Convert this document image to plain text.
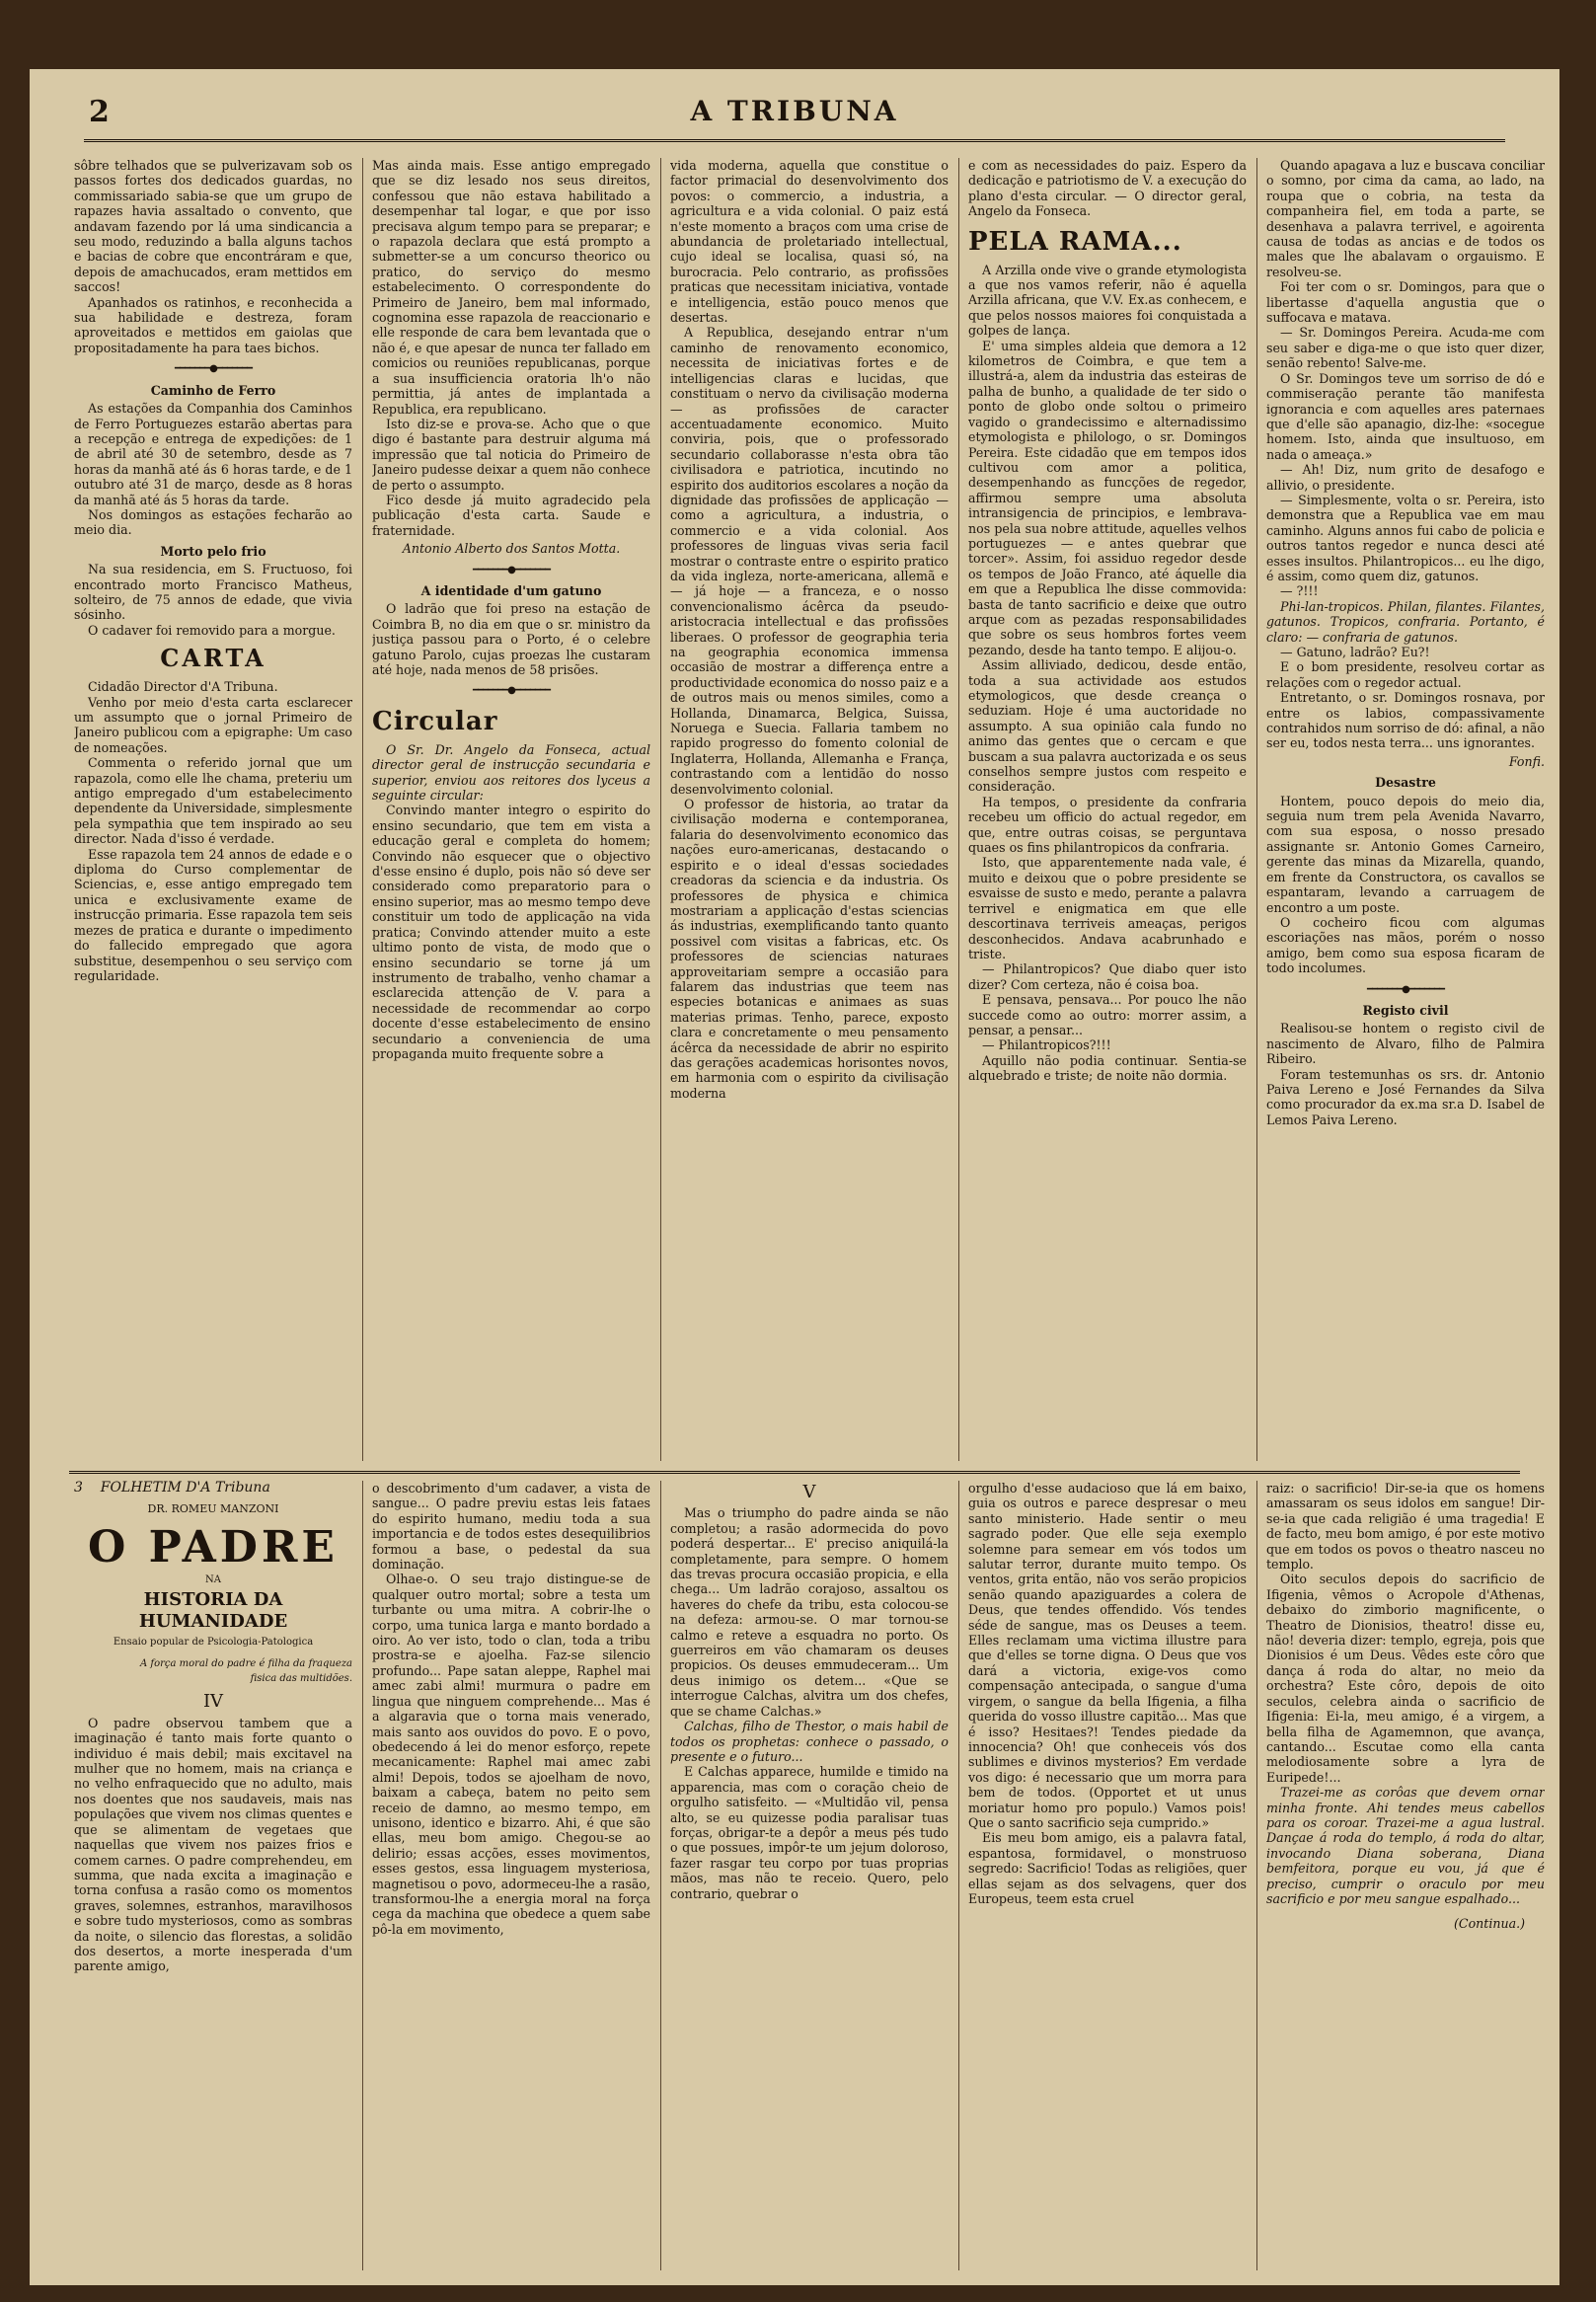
2	A TRIBUNA

sôbre telhados que se pulverizavam sob os passos fortes dos dedicados guardas, no commissariado sabia-se que um grupo de rapazes havia assaltado o convento, que andavam fazendo por lá uma sindicancia a seu modo, reduzindo a balla alguns tachos e bacias de cobre que encontráram e que, depois de amachucados, eram mettidos em saccos!

Apanhados os ratinhos, e reconhecida a sua habilidade e destreza, foram aproveitados e mettidos em gaiolas que propositadamente ha para taes bichos.

━━━━━━━●━━━━━━━
Caminho de Ferro

As estações da Companhia dos Caminhos de Ferro Portuguezes estarão abertas para a recepção e entrega de expedições: de 1 de abril até 30 de setembro, desde as 7 horas da manhã até ás 6 horas tarde, e de 1 outubro até 31 de março, desde as 8 horas da manhã até ás 5 horas da tarde.

Nos domingos as estações fecharão ao meio dia.

Morto pelo frio

Na sua residencia, em S. Fructuoso, foi encontrado morto Francisco Matheus, solteiro, de 75 annos de edade, que vivia sósinho.

O cadaver foi removido para a morgue.

CARTA

Cidadão Director d'A Tribuna.

Venho por meio d'esta carta esclarecer um assumpto que o jornal Primeiro de Janeiro publicou com a epigraphe: Um caso de nomeações.

Commenta o referido jornal que um rapazola, como elle lhe chama, preteriu um antigo empregado d'um estabelecimento dependente da Universidade, simplesmente pela sympathia que tem inspirado ao seu director. Nada d'isso é verdade.

Esse rapazola tem 24 annos de edade e o diploma do Curso complementar de Sciencias, e, esse antigo empregado tem unica e exclusivamente exame de instrucção primaria. Esse rapazola tem seis mezes de pratica e durante o impedimento do fallecido empregado que agora substitue, desempenhou o seu serviço com regularidade.

Mas ainda mais. Esse antigo empregado que se diz lesado nos seus direitos, confessou que não estava habilitado a desempenhar tal logar, e que por isso precisava algum tempo para se preparar; e o rapazola declara que está prompto a submetter-se a um concurso theorico ou pratico, do serviço do mesmo estabelecimento. O correspondente do Primeiro de Janeiro, bem mal informado, cognomina esse rapazola de reaccionario e elle responde de cara bem levantada que o não é, e que apesar de nunca ter fallado em comicios ou reuniões republicanas, porque a sua insufficiencia oratoria lh'o não permittia, já antes de implantada a Republica, era republicano.

Isto diz-se e prova-se. Acho que o que digo é bastante para destruir alguma má impressão que tal noticia do Primeiro de Janeiro pudesse deixar a quem não conhece de perto o assumpto.

Fico desde já muito agradecido pela publicação d'esta carta. Saude e fraternidade.

Antonio Alberto dos Santos Motta.
━━━━━━━●━━━━━━━
A identidade d'um gatuno

O ladrão que foi preso na estação de Coimbra B, no dia em que o sr. ministro da justiça passou para o Porto, é o celebre gatuno Parolo, cujas proezas lhe custaram até hoje, nada menos de 58 prisões.

━━━━━━━●━━━━━━━
Circular

O Sr. Dr. Angelo da Fonseca, actual director geral de instrucção secundaria e superior, enviou aos reitores dos lyceus a seguinte circular:

Convindo manter integro o espirito do ensino secundario, que tem em vista a educação geral e completa do homem; Convindo não esquecer que o objectivo d'esse ensino é duplo, pois não só deve ser considerado como preparatorio para o ensino superior, mas ao mesmo tempo deve constituir um todo de applicação na vida pratica; Convindo attender muito a este ultimo ponto de vista, de modo que o ensino secundario se torne já um instrumento de trabalho, venho chamar a esclarecida attenção de V. para a necessidade de recommendar ao corpo docente d'esse estabelecimento de ensino secundario a conveniencia de uma propaganda muito frequente sobre a

vida moderna, aquella que constitue o factor primacial do desenvolvimento dos povos: o commercio, a industria, a agricultura e a vida colonial. O paiz está n'este momento a braços com uma crise de abundancia de proletariado intellectual, cujo ideal se localisa, quasi só, na burocracia. Pelo contrario, as profissões praticas que necessitam iniciativa, vontade e intelligencia, estão pouco menos que desertas.

A Republica, desejando entrar n'um caminho de renovamento economico, necessita de iniciativas fortes e de intelligencias claras e lucidas, que constituam o nervo da civilisação moderna — as profissões de caracter accentuadamente economico. Muito conviria, pois, que o professorado secundario collaborasse n'esta obra tão civilisadora e patriotica, incutindo no espirito dos auditorios escolares a noção da dignidade das profissões de applicação — como a agricultura, a industria, o commercio e a vida colonial. Aos professores de linguas vivas seria facil mostrar o contraste entre o espirito pratico da vida ingleza, norte-americana, allemã e — já hoje — a franceza, e o nosso convencionalismo ácêrca da pseudo-aristocracia intellectual e das profissões liberaes. O professor de geographia teria na geographia economica immensa occasião de mostrar a differença entre a productividade economica do nosso paiz e a de outros mais ou menos similes, como a Hollanda, Dinamarca, Belgica, Suissa, Noruega e Suecia. Fallaria tambem no rapido progresso do fomento colonial de Inglaterra, Hollanda, Allemanha e França, contrastando com a lentidão do nosso desenvolvimento colonial.

O professor de historia, ao tratar da civilisação moderna e contemporanea, falaria do desenvolvimento economico das nações euro-americanas, destacando o espirito e o ideal d'essas sociedades creadoras da sciencia e da industria. Os professores de physica e chimica mostrariam a applicação d'estas sciencias ás industrias, exemplificando tanto quanto possivel com visitas a fabricas, etc. Os professores de sciencias naturaes approveitariam sempre a occasião para falarem das industrias que teem nas especies botanicas e animaes as suas materias primas. Tenho, parece, exposto clara e concretamente o meu pensamento ácêrca da necessidade de abrir no espirito das gerações academicas horisontes novos, em harmonia com o espirito da civilisação moderna

e com as necessidades do paiz. Espero da dedicação e patriotismo de V. a execução do plano d'esta circular. — O director geral, Angelo da Fonseca.

PELA RAMA...

A Arzilla onde vive o grande etymologista a que nos vamos referir, não é aquella Arzilla africana, que V.V. Ex.as conhecem, e que pelos nossos maiores foi conquistada a golpes de lança.

E' uma simples aldeia que demora a 12 kilometros de Coimbra, e que tem a illustrá-a, alem da industria das esteiras de palha de bunho, a qualidade de ter sido o ponto de globo onde soltou o primeiro vagido o grandecissimo e alternadissimo etymologista e philologo, o sr. Domingos Pereira. Este cidadão que em tempos idos cultivou com amor a politica, desempenhando as funcções de regedor, affirmou sempre uma absoluta intransigencia de principios, e lembrava-nos pela sua nobre attitude, aquelles velhos portuguezes — e antes quebrar que torcer». Assim, foi assiduo regedor desde os tempos de João Franco, até áquelle dia em que a Republica lhe disse commovida: basta de tanto sacrificio e deixe que outro arque com as pezadas responsabilidades que sobre os seus hombros fortes veem pezando, desde ha tanto tempo. E alijou-o.

Assim alliviado, dedicou, desde então, toda a sua actividade aos estudos etymologicos, que desde creança o seduziam. Hoje é uma auctoridade no assumpto. A sua opinião cala fundo no animo das gentes que o cercam e que buscam a sua palavra auctorizada e os seus conselhos sempre justos com respeito e consideração.

Ha tempos, o presidente da confraria recebeu um officio do actual regedor, em que, entre outras coisas, se perguntava quaes os fins philantropicos da confraria.

Isto, que apparentemente nada vale, é muito e deixou que o pobre presidente se esvaisse de susto e medo, perante a palavra terrivel e enigmatica em que elle descortinava terriveis ameaças, perigos desconhecidos. Andava acabrunhado e triste.

— Philantropicos? Que diabo quer isto dizer? Com certeza, não é coisa boa.

E pensava, pensava... Por pouco lhe não succede como ao outro: morrer assim, a pensar, a pensar...

— Philantropicos?!!!

Aquillo não podia continuar. Sentia-se alquebrado e triste; de noite não dormia.

Quando apagava a luz e buscava conciliar o somno, por cima da cama, ao lado, na roupa que o cobria, na testa da companheira fiel, em toda a parte, se desenhava a palavra terrivel, e agoirenta causa de todas as ancias e de todos os males que lhe abalavam o orgauismo. E resolveu-se.

Foi ter com o sr. Domingos, para que o libertasse d'aquella angustia que o suffocava e matava.

— Sr. Domingos Pereira. Acuda-me com seu saber e diga-me o que isto quer dizer, senão rebento! Salve-me.

O Sr. Domingos teve um sorriso de dó e commiseração perante tão manifesta ignorancia e com aquelles ares paternaes que d'elle são apanagio, diz-lhe: «socegue homem. Isto, ainda que insultuoso, em nada o ameaça.»

— Ah! Diz, num grito de desafogo e allivio, o presidente.

— Simplesmente, volta o sr. Pereira, isto demonstra que a Republica vae em mau caminho. Alguns annos fui cabo de policia e outros tantos regedor e nunca desci até esses insultos. Philantropicos... eu lhe digo, é assim, como quem diz, gatunos.

— ?!!!

Phi-lan-tropicos. Philan, filantes. Filantes, gatunos. Tropicos, confraria. Portanto, é claro: — confraria de gatunos.

— Gatuno, ladrão? Eu?!

E o bom presidente, resolveu cortar as relações com o regedor actual.

Entretanto, o sr. Domingos rosnava, por entre os labios, compassivamente contrahidos num sorriso de dó: afinal, a não ser eu, todos nesta terra... uns ignorantes.

Fonfi.
Desastre

Hontem, pouco depois do meio dia, seguia num trem pela Avenida Navarro, com sua esposa, o nosso presado assignante sr. Antonio Gomes Carneiro, gerente das minas da Mizarella, quando, em frente da Constructora, os cavallos se espantaram, levando a carruagem de encontro a um poste.

O cocheiro ficou com algumas escoriações nas mãos, porém o nosso amigo, bem como sua esposa ficaram de todo incolumes.

━━━━━━━●━━━━━━━
Registo civil

Realisou-se hontem o registo civil de nascimento de Alvaro, filho de Palmira Ribeiro.

Foram testemunhas os srs. dr. Antonio Paiva Lereno e José Fernandes da Silva como procurador da ex.ma sr.a D. Isabel de Lemos Paiva Lereno.

3 FOLHETIM D'A Tribuna
DR. ROMEU MANZONI
O PADRE
NA
HISTORIA DA HUMANIDADE
Ensaio popular de Psicologia-Patologica
A força moral do padre é filha da fraqueza fisica das multidões.
IV

O padre observou tambem que a imaginação é tanto mais forte quanto o individuo é mais debil; mais excitavel na mulher que no homem, mais na criança e no velho enfraquecido que no adulto, mais nos doentes que nos saudaveis, mais nas populações que vivem nos climas quentes e que se alimentam de vegetaes que naquellas que vivem nos paizes frios e comem carnes. O padre comprehendeu, em summa, que nada excita a imaginação e torna confusa a rasão como os momentos graves, solemnes, estranhos, maravilhosos e sobre tudo mysteriosos, como as sombras da noite, o silencio das florestas, a solidão dos desertos, a morte inesperada d'um parente amigo,

o descobrimento d'um cadaver, a vista de sangue... O padre previu estas leis fataes do espirito humano, mediu toda a sua importancia e de todos estes desequilibrios formou a base, o pedestal da sua dominação.

Olhae-o. O seu trajo distingue-se de qualquer outro mortal; sobre a testa um turbante ou uma mitra. A cobrir-lhe o corpo, uma tunica larga e manto bordado a oiro. Ao ver isto, todo o clan, toda a tribu prostra-se e ajoelha. Faz-se silencio profundo... Pape satan aleppe, Raphel mai amec zabi almi! murmura o padre em lingua que ninguem comprehende... Mas é a algaravia que o torna mais venerado, mais santo aos ouvidos do povo. E o povo, obedecendo á lei do menor esforço, repete mecanicamente: Raphel mai amec zabi almi! Depois, todos se ajoelham de novo, baixam a cabeça, batem no peito sem receio de damno, ao mesmo tempo, em unisono, identico e bizarro. Ahi, é que são ellas, meu bom amigo. Chegou-se ao delirio; essas acções, esses movimentos, esses gestos, essa linguagem mysteriosa, magnetisou o povo, adormeceu-lhe a rasão, transformou-lhe a energia moral na força cega da machina que obedece a quem sabe pô-la em movimento,

V

Mas o triumpho do padre ainda se não completou; a rasão adormecida do povo poderá despertar... E' preciso aniquilá-la completamente, para sempre. O homem das trevas procura occasião propicia, e ella chega... Um ladrão corajoso, assaltou os haveres do chefe da tribu, esta colocou-se na defeza: armou-se. O mar tornou-se calmo e reteve a esquadra no porto. Os guerreiros em vão chamaram os deuses propicios. Os deuses emmudeceram... Um deus inimigo os detem... «Que se interrogue Calchas, alvitra um dos chefes, que se chame Calchas.»

Calchas, filho de Thestor, o mais habil de todos os prophetas: conhece o passado, o presente e o futuro...

E Calchas apparece, humilde e timido na apparencia, mas com o coração cheio de orgulho satisfeito. — «Multidão vil, pensa alto, se eu quizesse podia paralisar tuas forças, obrigar-te a depôr a meus pés tudo o que possues, impôr-te um jejum doloroso, fazer rasgar teu corpo por tuas proprias mãos, mas não te receio. Quero, pelo contrario, quebrar o

orgulho d'esse audacioso que lá em baixo, guia os outros e parece despresar o meu santo ministerio. Hade sentir o meu sagrado poder. Que elle seja exemplo solemne para semear em vós todos um salutar terror, durante muito tempo. Os ventos, grita então, não vos serão propicios senão quando apaziguardes a colera de Deus, que tendes offendido. Vós tendes séde de sangue, mas os Deuses a teem. Elles reclamam uma victima illustre para que d'elles se torne digna. O Deus que vos dará a victoria, exige-vos como compensação antecipada, o sangue d'uma virgem, o sangue da bella Ifigenia, a filha querida do vosso illustre capitão... Mas que é isso? Hesitaes?! Tendes piedade da innocencia? Oh! que conheceis vós dos sublimes e divinos mysterios? Em verdade vos digo: é necessario que um morra para bem de todos. (Opportet et ut unus moriatur homo pro populo.) Vamos pois! Que o santo sacrificio seja cumprido.»

Eis meu bom amigo, eis a palavra fatal, espantosa, formidavel, o monstruoso segredo: Sacrificio! Todas as religiões, quer ellas sejam as dos selvagens, quer dos Europeus, teem esta cruel

raiz: o sacrificio! Dir-se-ia que os homens amassaram os seus idolos em sangue! Dir-se-ia que cada religião é uma tragedia! E de facto, meu bom amigo, é por este motivo que em todos os povos o theatro nasceu no templo.

Oito seculos depois do sacrificio de Ifigenia, vêmos o Acropole d'Athenas, debaixo do zimborio magnificente, o Theatro de Dionisios, theatro! disse eu, não! deveria dizer: templo, egreja, pois que Dionisios é um Deus. Vêdes este côro que dança á roda do altar, no meio da orchestra? Este côro, depois de oito seculos, celebra ainda o sacrificio de Ifigenia: Ei-la, meu amigo, é a virgem, a bella filha de Agamemnon, que avança, cantando... Escutae como ella canta melodiosamente sobre a lyra de Euripede!...

Trazei-me as corôas que devem ornar minha fronte. Ahi tendes meus cabellos para os coroar. Trazei-me a agua lustral. Dançae á roda do templo, á roda do altar, invocando Diana soberana, Diana bemfeitora, porque eu vou, já que é preciso, cumprir o oraculo por meu sacrificio e por meu sangue espalhado...

(Continua.)
